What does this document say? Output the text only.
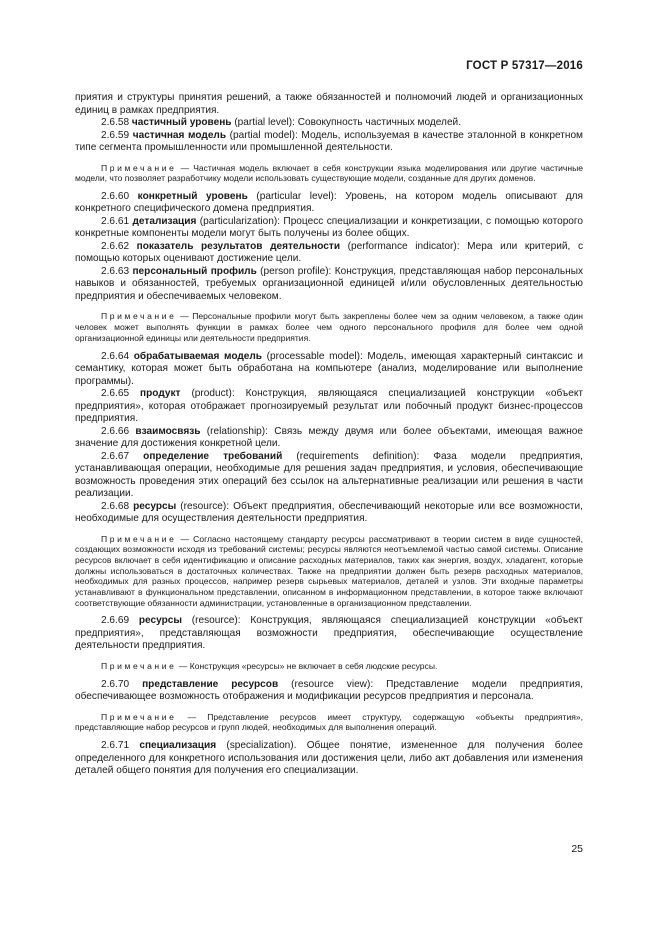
ГОСТ Р 57317—2016

приятия и структуры принятия решений, а также обязанностей и полномочий людей и организационных единиц в рамках предприятия.

2.6.58 частичный уровень (partial level): Совокупность частичных моделей.

2.6.59 частичная модель (partial model): Модель, используемая в качестве эталонной в конкретном типе сегмента промышленности или промышленной деятельности.

Примечание — Частичная модель включает в себя конструкции языка моделирования или другие частичные модели, что позволяет разработчику модели использовать существующие модели, созданные для других доменов.

2.6.60 конкретный уровень (particular level): Уровень, на котором модель описывают для конкретного специфического домена предприятия.

2.6.61 детализация (particularization): Процесс специализации и конкретизации, с помощью которого конкретные компоненты модели могут быть получены из более общих.

2.6.62 показатель результатов деятельности (performance indicator): Мера или критерий, с помощью которых оценивают достижение цели.

2.6.63 персональный профиль (person profile): Конструкция, представляющая набор персональных навыков и обязанностей, требуемых организационной единицей и/или обусловленных деятельностью предприятия и обеспечиваемых человеком.

Примечание — Персональные профили могут быть закреплены более чем за одним человеком, а также один человек может выполнять функции в рамках более чем одного персонального профиля для более чем одной организационной единицы или деятельности предприятия.

2.6.64 обрабатываемая модель (processable model): Модель, имеющая характерный синтаксис и семантику, которая может быть обработана на компьютере (анализ, моделирование или выполнение программы).

2.6.65 продукт (product): Конструкция, являющаяся специализацией конструкции «объект предприятия», которая отображает прогнозируемый результат или побочный продукт бизнес-процессов предприятия.

2.6.66 взаимосвязь (relationship): Связь между двумя или более объектами, имеющая важное значение для достижения конкретной цели.

2.6.67 определение требований (requirements definition): Фаза модели предприятия, устанавливающая операции, необходимые для решения задач предприятия, и условия, обеспечивающие возможность проведения этих операций без ссылок на альтернативные реализации или решения в части реализации.

2.6.68 ресурсы (resource): Объект предприятия, обеспечивающий некоторые или все возможности, необходимые для осуществления деятельности предприятия.

Примечание — Согласно настоящему стандарту ресурсы рассматривают в теории систем в виде сущностей, создающих возможности исходя из требований системы; ресурсы являются неотъемлемой частью самой системы. Описание ресурсов включает в себя идентификацию и описание расходных материалов, таких как энергия, воздух, хладагент, которые должны использоваться в достаточных количествах. Также на предприятии должен быть резерв расходных материалов, необходимых для разных процессов, например резерв сырьевых материалов, деталей и узлов. Эти входные параметры устанавливают в функциональном представлении, описанном в информационном представлении, в которое также включают соответствующие обязанности администрации, установленные в организационном представлении.

2.6.69 ресурсы (resource): Конструкция, являющаяся специализацией конструкции «объект предприятия», представляющая возможности предприятия, обеспечивающие осуществление деятельности предприятия.

Примечание — Конструкция «ресурсы» не включает в себя людские ресурсы.

2.6.70 представление ресурсов (resource view): Представление модели предприятия, обеспечивающее возможность отображения и модификации ресурсов предприятия и персонала.

Примечание — Представление ресурсов имеет структуру, содержащую «объекты предприятия», представляющие набор ресурсов и групп людей, необходимых для выполнения операций.

2.6.71 специализация (specialization). Общее понятие, измененное для получения более определенного для конкретного использования или достижения цели, либо акт добавления или изменения деталей общего понятия для получения его специализации.

25
